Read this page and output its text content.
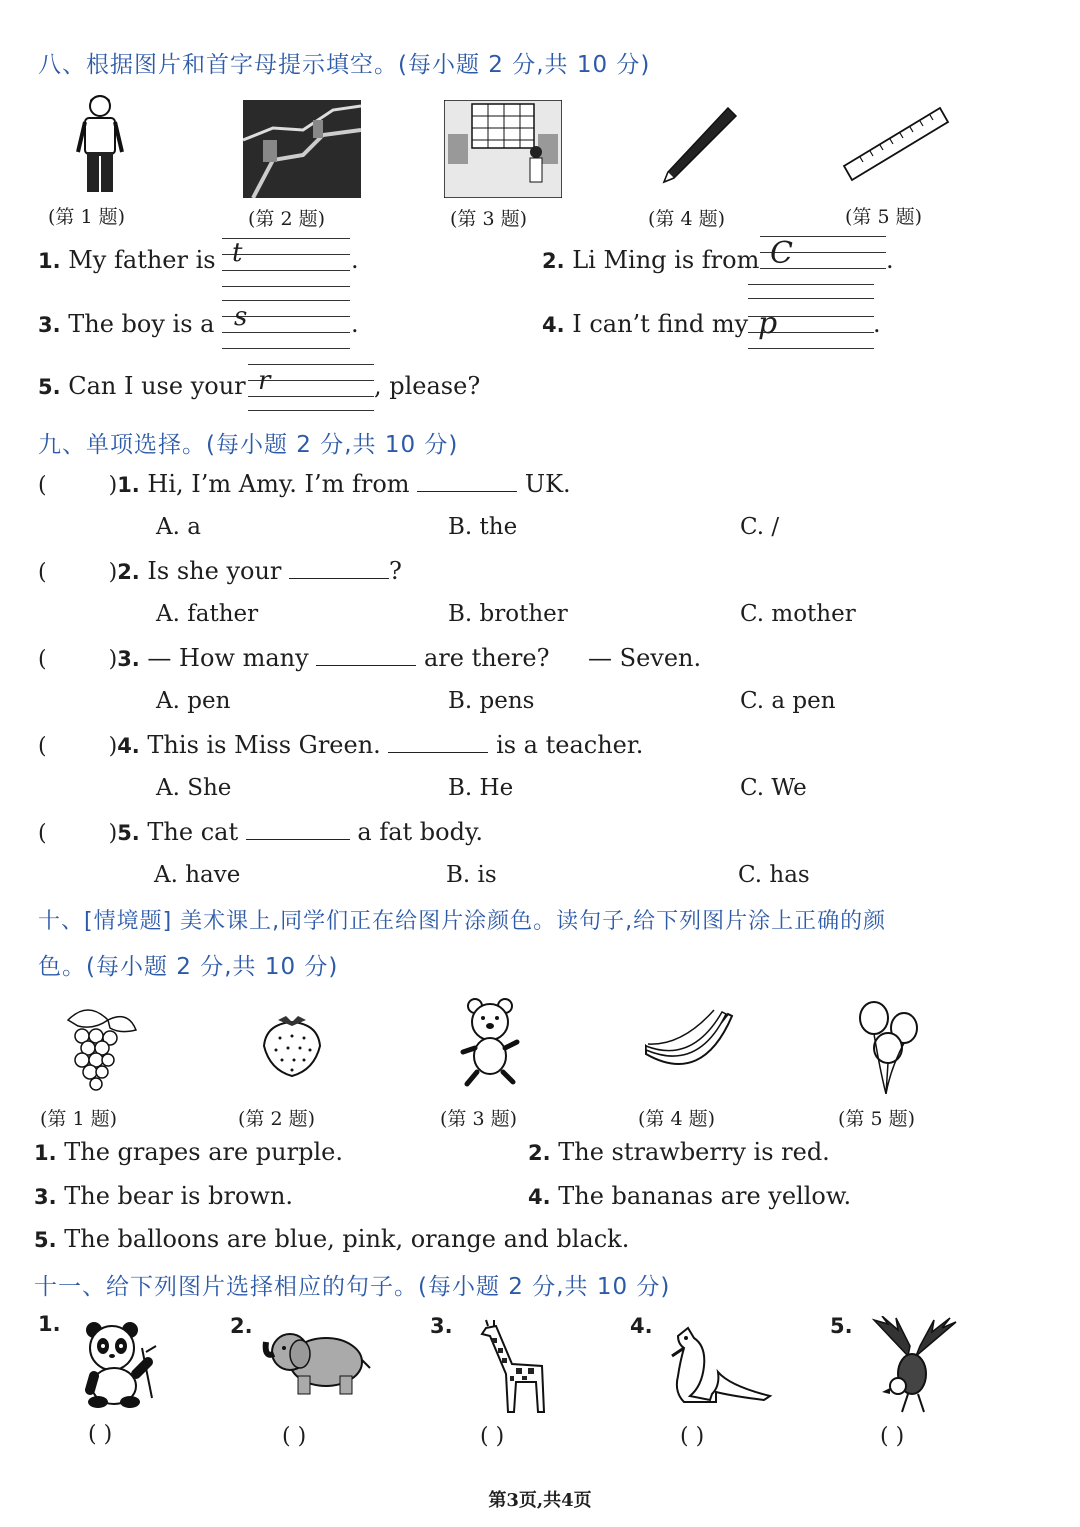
八、根据图片和首字母提示填空。(每小题 2 分,共 10 分)
(第 1 题)	(第 2 题)	(第 3 题)	(第 4 题)	(第 5 题)
1. My father is t	.	2. Li Ming is from C	.
3. The boy is a s	.	4. I can’t find my p	.
5. Can I use your r	, please?
九、单项选择。(每小题 2 分,共 10 分)
(	)1. Hi, I’m Amy. I’m from	UK.
A. a	B. the	C. /
(	)2. Is she your	?
A. father	B. brother	C. mother
(	)3. — How many	are there? — Seven.
A. pen	B. pens	C. a pen
(	)4. This is Miss Green.	is a teacher.
A. She	B. He	C. We
(	)5. The cat	a fat body.
A. have	B. is	C. has
十、[情境题] 美术课上,同学们正在给图片涂颜色。读句子,给下列图片涂上正确的颜
色。(每小题 2 分,共 10 分)
(第 1 题)	(第 2 题)	(第 3 题)	(第 4 题)	(第 5 题)
1. The grapes are purple.	2. The strawberry is red.
3. The bear is brown.	4. The bananas are yellow.
5. The balloons are blue, pink, orange and black.
十一、给下列图片选择相应的句子。(每小题 2 分,共 10 分)
1.	2.	3.	4.	5.
( )	( )	( )	( )	( )
第3页,共4页
